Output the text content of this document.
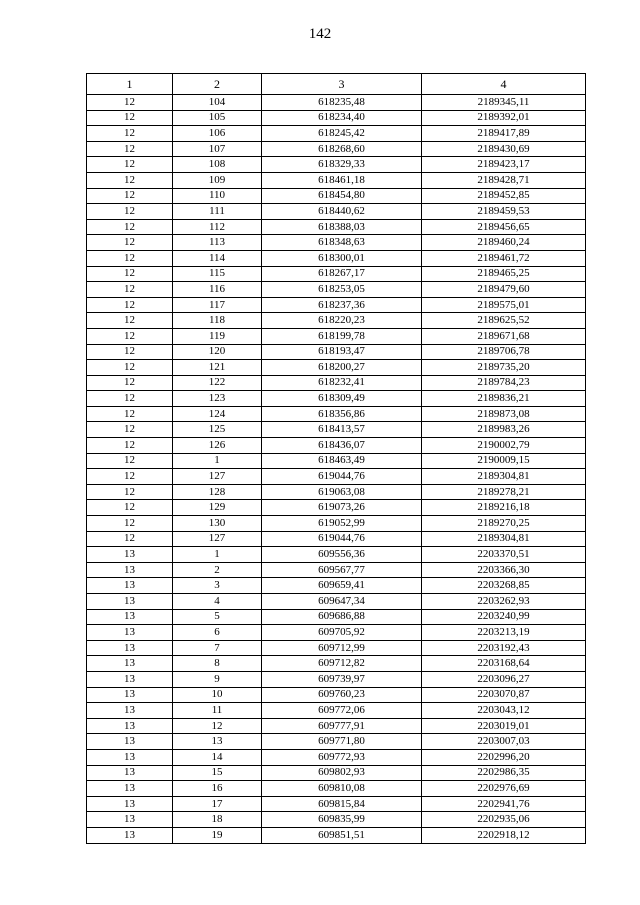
142
1	2	3	4
12	104	618235,48	2189345,11
12	105	618234,40	2189392,01
12	106	618245,42	2189417,89
12	107	618268,60	2189430,69
12	108	618329,33	2189423,17
12	109	618461,18	2189428,71
12	110	618454,80	2189452,85
12	111	618440,62	2189459,53
12	112	618388,03	2189456,65
12	113	618348,63	2189460,24
12	114	618300,01	2189461,72
12	115	618267,17	2189465,25
12	116	618253,05	2189479,60
12	117	618237,36	2189575,01
12	118	618220,23	2189625,52
12	119	618199,78	2189671,68
12	120	618193,47	2189706,78
12	121	618200,27	2189735,20
12	122	618232,41	2189784,23
12	123	618309,49	2189836,21
12	124	618356,86	2189873,08
12	125	618413,57	2189983,26
12	126	618436,07	2190002,79
12	1	618463,49	2190009,15
12	127	619044,76	2189304,81
12	128	619063,08	2189278,21
12	129	619073,26	2189216,18
12	130	619052,99	2189270,25
12	127	619044,76	2189304,81
13	1	609556,36	2203370,51
13	2	609567,77	2203366,30
13	3	609659,41	2203268,85
13	4	609647,34	2203262,93
13	5	609686,88	2203240,99
13	6	609705,92	2203213,19
13	7	609712,99	2203192,43
13	8	609712,82	2203168,64
13	9	609739,97	2203096,27
13	10	609760,23	2203070,87
13	11	609772,06	2203043,12
13	12	609777,91	2203019,01
13	13	609771,80	2203007,03
13	14	609772,93	2202996,20
13	15	609802,93	2202986,35
13	16	609810,08	2202976,69
13	17	609815,84	2202941,76
13	18	609835,99	2202935,06
13	19	609851,51	2202918,12
